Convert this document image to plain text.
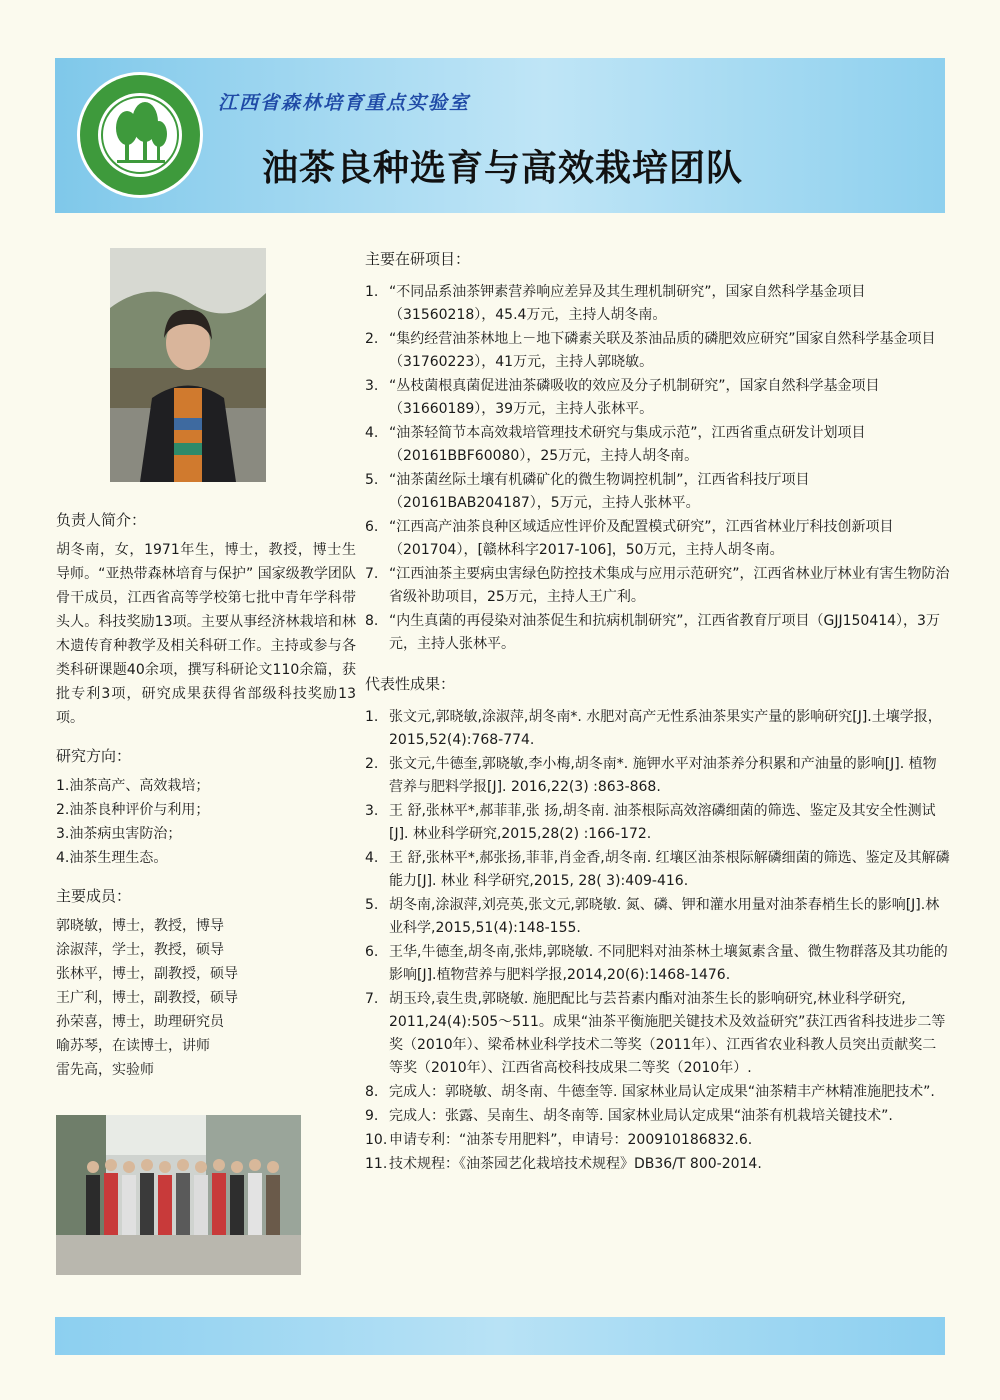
江西省森林培育重点实验室
油茶良种选育与高效栽培团队
负责人简介：
胡冬南，女，1971年生，博士，教授，博士生导师。“亚热带森林培育与保护” 国家级教学团队骨干成员，江西省高等学校第七批中青年学科带头人。科技奖励13项。主要从事经济林栽培和林木遗传育种教学及相关科研工作。主持或参与各类科研课题40余项，撰写科研论文110余篇，获批专利3项，研究成果获得省部级科技奖励13项。
研究方向：
1.油茶高产、高效栽培；
2.油茶良种评价与利用；
3.油茶病虫害防治；
4.油茶生理生态。
主要成员：
郭晓敏，博士，教授，博导
涂淑萍，学士，教授，硕导
张林平，博士，副教授，硕导
王广利，博士，副教授，硕导
孙荣喜，博士，助理研究员
喻苏琴，在读博士，讲师
雷先高，实验师
主要在研项目：
1. “不同品系油茶钾素营养响应差异及其生理机制研究”，国家自然科学基金项目（31560218），45.4万元，主持人胡冬南。
2. “集约经营油茶林地上－地下磷素关联及茶油品质的磷肥效应研究”国家自然科学基金项目（31760223），41万元，主持人郭晓敏。
3. “丛枝菌根真菌促进油茶磷吸收的效应及分子机制研究”，国家自然科学基金项目（31660189），39万元，主持人张林平。
4. “油茶轻简节本高效栽培管理技术研究与集成示范”，江西省重点研发计划项目（20161BBF60080），25万元，主持人胡冬南。
5. “油茶菌丝际土壤有机磷矿化的微生物调控机制”，江西省科技厅项目（20161BAB204187），5万元，主持人张林平。
6. “江西高产油茶良种区域适应性评价及配置模式研究”，江西省林业厅科技创新项目（201704），[赣林科字2017-106]，50万元，主持人胡冬南。
7. “江西油茶主要病虫害绿色防控技术集成与应用示范研究”，江西省林业厅林业有害生物防治省级补助项目，25万元，主持人王广利。
8. “内生真菌的再侵染对油茶促生和抗病机制研究”，江西省教育厅项目（GJJ150414），3万元，主持人张林平。
代表性成果：
1. 张文元,郭晓敏,涂淑萍,胡冬南*. 水肥对高产无性系油茶果实产量的影响研究[J].土壤学报，2015,52(4):768-774.
2. 张文元,牛德奎,郭晓敏,李小梅,胡冬南*. 施钾水平对油茶养分积累和产油量的影响[J]. 植物营养与肥料学报[J]. 2016,22(3) :863-868.
3. 王 舒,张林平*,郝菲菲,张 扬,胡冬南. 油茶根际高效溶磷细菌的筛选、鉴定及其安全性测试[J]. 林业科学研究,2015,28(2) :166-172.
4. 王 舒,张林平*,郝张扬,菲菲,肖金香,胡冬南. 红壤区油茶根际解磷细菌的筛选、鉴定及其解磷能力[J]. 林业 科学研究,2015, 28( 3):409-416.
5. 胡冬南,涂淑萍,刘亮英,张文元,郭晓敏. 氮、磷、钾和灌水用量对油茶春梢生长的影响[J].林业科学,2015,51(4):148-155.
6. 王华,牛德奎,胡冬南,张炜,郭晓敏. 不同肥料对油茶林土壤氮素含量、微生物群落及其功能的影响[J].植物营养与肥料学报,2014,20(6):1468-1476.
7. 胡玉玲,袁生贵,郭晓敏. 施肥配比与芸苔素内酯对油茶生长的影响研究,林业科学研究, 2011,24(4):505～511。成果“油茶平衡施肥关键技术及效益研究”获江西省科技进步二等奖（2010年）、梁希林业科学技术二等奖（2011年）、江西省农业科教人员突出贡献奖二等奖（2010年）、江西省高校科技成果二等奖（2010年）.
8. 完成人：郭晓敏、胡冬南、牛德奎等. 国家林业局认定成果“油茶精丰产林精准施肥技术”.
9. 完成人：张露、吴南生、胡冬南等. 国家林业局认定成果“油茶有机栽培关键技术”.
10. 申请专利：“油茶专用肥料”，申请号：200910186832.6.
11. 技术规程：《油茶园艺化栽培技术规程》DB36/T 800-2014.
